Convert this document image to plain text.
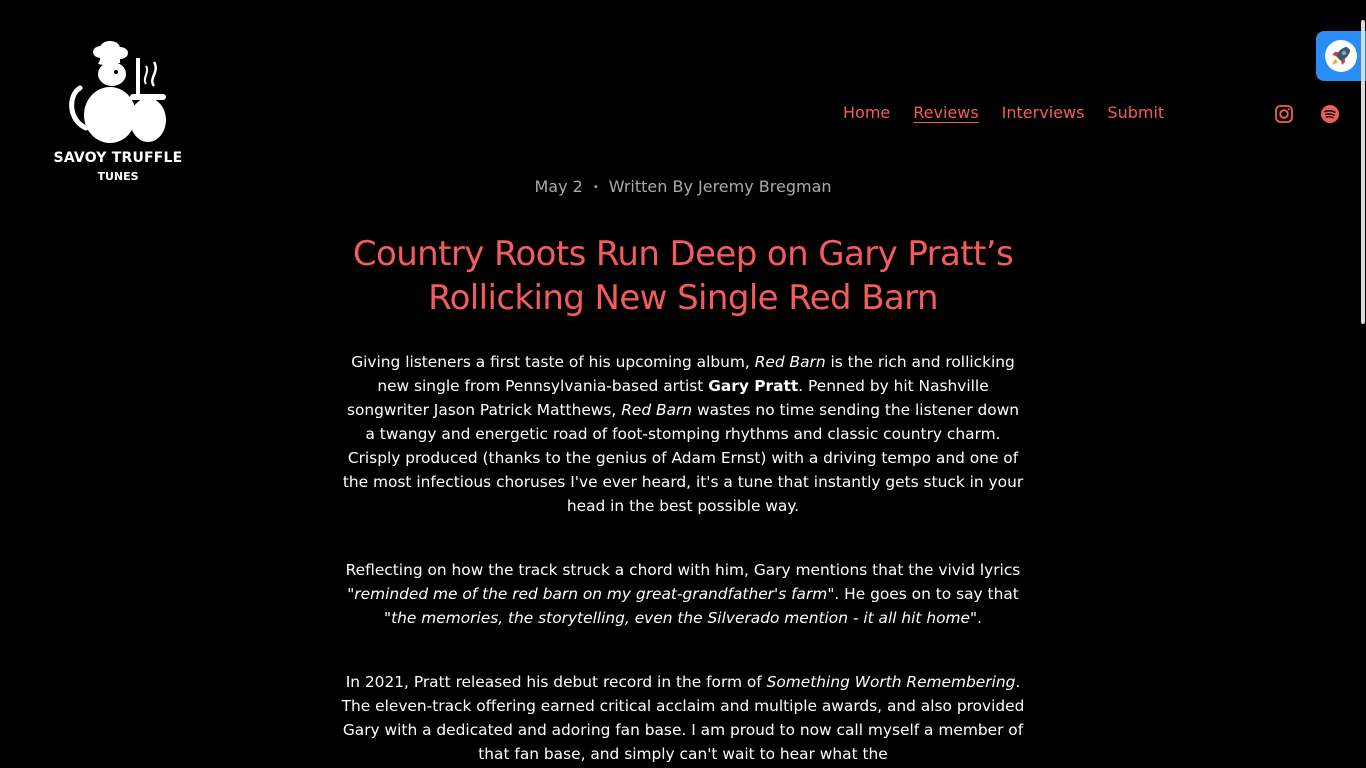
SAVOY TRUFFLE
TUNES
Home Reviews Interviews Submit
May 2 • Written By Jeremy Bregman
Country Roots Run Deep on Gary Pratt’s
Rollicking New Single Red Barn

Giving listeners a first taste of his upcoming album, Red Barn is the rich and rollicking new single from Pennsylvania-based artist Gary Pratt. Penned by hit Nashville songwriter Jason Patrick Matthews, Red Barn wastes no time sending the listener down a twangy and energetic road of foot-stomping rhythms and classic country charm. Crisply produced (thanks to the genius of Adam Ernst) with a driving tempo and one of the most infectious choruses I've ever heard, it's a tune that instantly gets stuck in your head in the best possible way.

Reflecting on how the track struck a chord with him, Gary mentions that the vivid lyrics "reminded me of the red barn on my great-grandfather's farm". He goes on to say that "the memories, the storytelling, even the Silverado mention - it all hit home".

In 2021, Pratt released his debut record in the form of Something Worth Remembering. The eleven-track offering earned critical acclaim and multiple awards, and also provided Gary with a dedicated and adoring fan base. I am proud to now call myself a member of that fan base, and simply can't wait to hear what the
